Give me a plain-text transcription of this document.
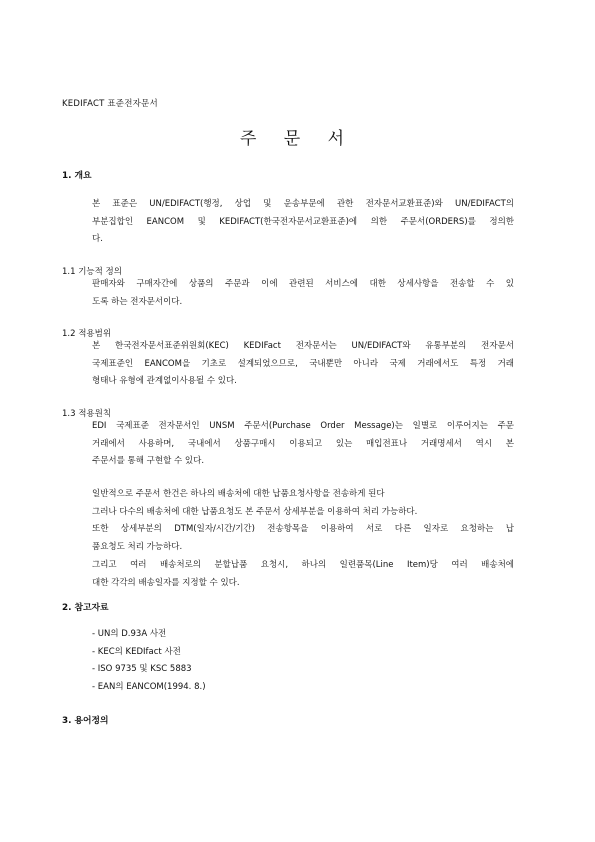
KEDIFACT 표준전자문서
주 문 서
1. 개요
본 표준은 UN/EDIFACT(행정, 상업 및 운송부문에 관한 전자문서교환표준)와 UN/EDIFACT의
부분집합인 EANCOM 및 KEDIFACT(한국전자문서교환표준)에 의한 주문서(ORDERS)를 정의한
다.
1.1 기능적 정의
판매자와 구매자간에 상품의 주문과 이에 관련된 서비스에 대한 상세사항을 전송할 수 있
도록 하는 전자문서이다.
1.2 적용범위
본 한국전자문서표준위원회(KEC) KEDIFact 전자문서는 UN/EDIFACT와 유통부분의 전자문서
국제표준인 EANCOM을 기초로 설계되었으므로, 국내뿐만 아니라 국제 거래에서도 특정 거래
형태나 유형에 관계없이사용될 수 있다.
1.3 적용원칙
EDI 국제표준 전자문서인 UNSM 주문서(Purchase Order Message)는 일별로 이루어지는 주문
거래에서 사용하며, 국내에서 상품구매시 이용되고 있는 매입전표나 거래명세서 역시 본
주문서를 통해 구현할 수 있다.
일반적으로 주문서 한건은 하나의 배송처에 대한 납품요청사항을 전송하게 된다
그러나 다수의 배송처에 대한 납품요청도 본 주문서 상세부분을 이용하여 처리 가능하다.
또한 상세부분의 DTM(일자/시간/기간) 전송항목을 이용하여 서로 다른 일자로 요청하는 납
품요청도 처리 가능하다.
그리고 여러 배송처로의 분할납품 요청시, 하나의 일련품목(Line Item)당 여러 배송처에
대한 각각의 배송일자를 지정할 수 있다.
2. 참고자료
- UN의 D.93A 사전
- KEC의 KEDIfact 사전
- ISO 9735 및 KSC 5883
- EAN의 EANCOM(1994. 8.)
3. 용어정의
